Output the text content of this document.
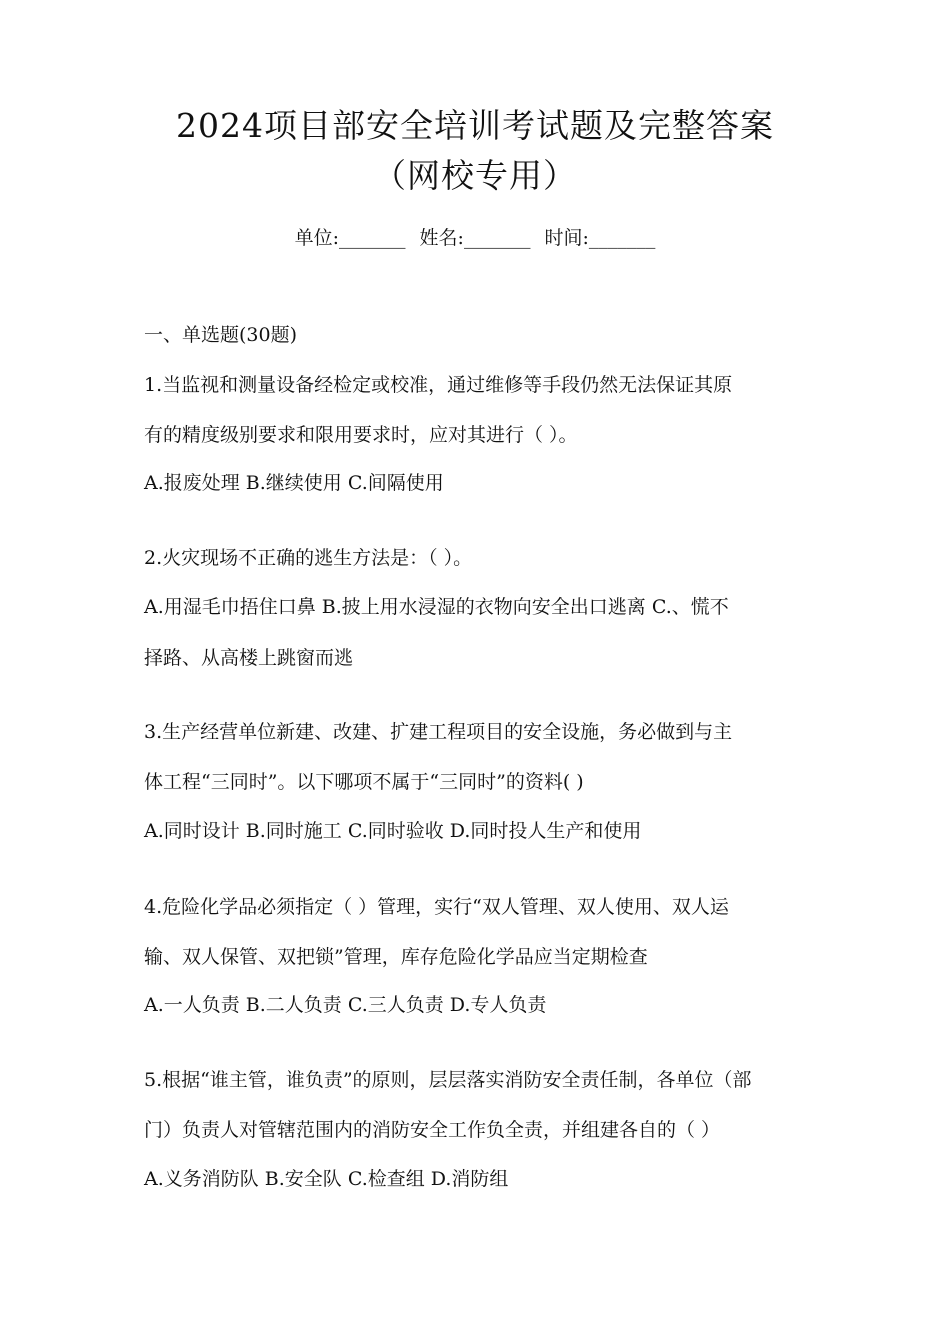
2024项目部安全培训考试题及完整答案
（网校专用）
单位:_______ 姓名:_______ 时间:_______
一、单选题(30题)
1.当监视和测量设备经检定或校准，通过维修等手段仍然无法保证其原
有的精度级别要求和限用要求时，应对其进行（ ）。
A.报废处理 B.继续使用 C.间隔使用
2.火灾现场不正确的逃生方法是：（ ）。
A.用湿毛巾捂住口鼻 B.披上用水浸湿的衣物向安全出口逃离 C.、慌不
择路、从高楼上跳窗而逃
3.生产经营单位新建、改建、扩建工程项目的安全设施，务必做到与主
体工程“三同时”。以下哪项不属于“三同时”的资料( )
A.同时设计 B.同时施工 C.同时验收 D.同时投人生产和使用
4.危险化学品必须指定（ ）管理，实行“双人管理、双人使用、双人运
输、双人保管、双把锁”管理，库存危险化学品应当定期检查
A.一人负责 B.二人负责 C.三人负责 D.专人负责
5.根据“谁主管，谁负责”的原则，层层落实消防安全责任制，各单位（部
门）负责人对管辖范围内的消防安全工作负全责，并组建各自的（ ）
A.义务消防队 B.安全队 C.检查组 D.消防组
